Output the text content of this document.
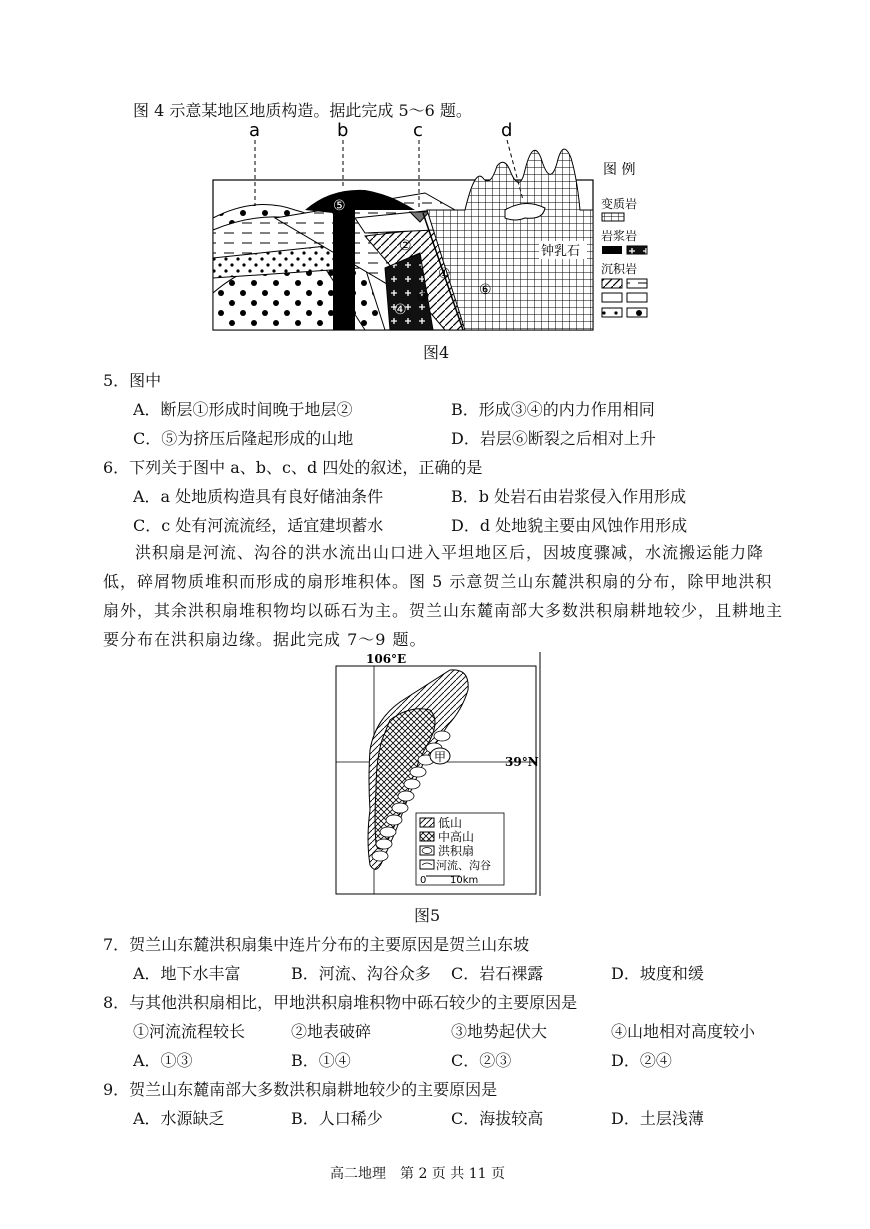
图 4 示意某地区地质构造。据此完成 5～6 题。
钟乳石
a	b	c	d
①
②
③
④
⑤
⑥
图 例
变质岩
岩浆岩
沉积岩
图4
5．图中
A．断层①形成时间晚于地层②	B．形成③④的内力作用相同
C．⑤为挤压后隆起形成的山地	D．岩层⑥断裂之后相对上升
6．下列关于图中 a、b、c、d 四处的叙述，正确的是
A．a 处地质构造具有良好储油条件	B．b 处岩石由岩浆侵入作用形成
C．c 处有河流流经，适宜建坝蓄水	D．d 处地貌主要由风蚀作用形成
洪积扇是河流、沟谷的洪水流出山口进入平坦地区后，因坡度骤减，水流搬运能力降低，碎屑物质堆积而形成的扇形堆积体。图 5 示意贺兰山东麓洪积扇的分布，除甲地洪积扇外，其余洪积扇堆积物均以砾石为主。贺兰山东麓南部大多数洪积扇耕地较少，且耕地主要分布在洪积扇边缘。据此完成 7～9 题。
甲
106°E
39°N
低山
中高山
洪积扇
河流、沟谷
0 10km
图5
7．贺兰山东麓洪积扇集中连片分布的主要原因是贺兰山东坡
A．地下水丰富	B．河流、沟谷众多 C．岩石裸露	D．坡度和缓
8．与其他洪积扇相比，甲地洪积扇堆积物中砾石较少的主要原因是
①河流流程较长	②地表破碎	③地势起伏大	④山地相对高度较小
A．①③	B．①④	C．②③	D．②④
9．贺兰山东麓南部大多数洪积扇耕地较少的主要原因是
A．水源缺乏	B．人口稀少	C．海拔较高	D．土层浅薄
高二地理　第 2 页 共 11 页
